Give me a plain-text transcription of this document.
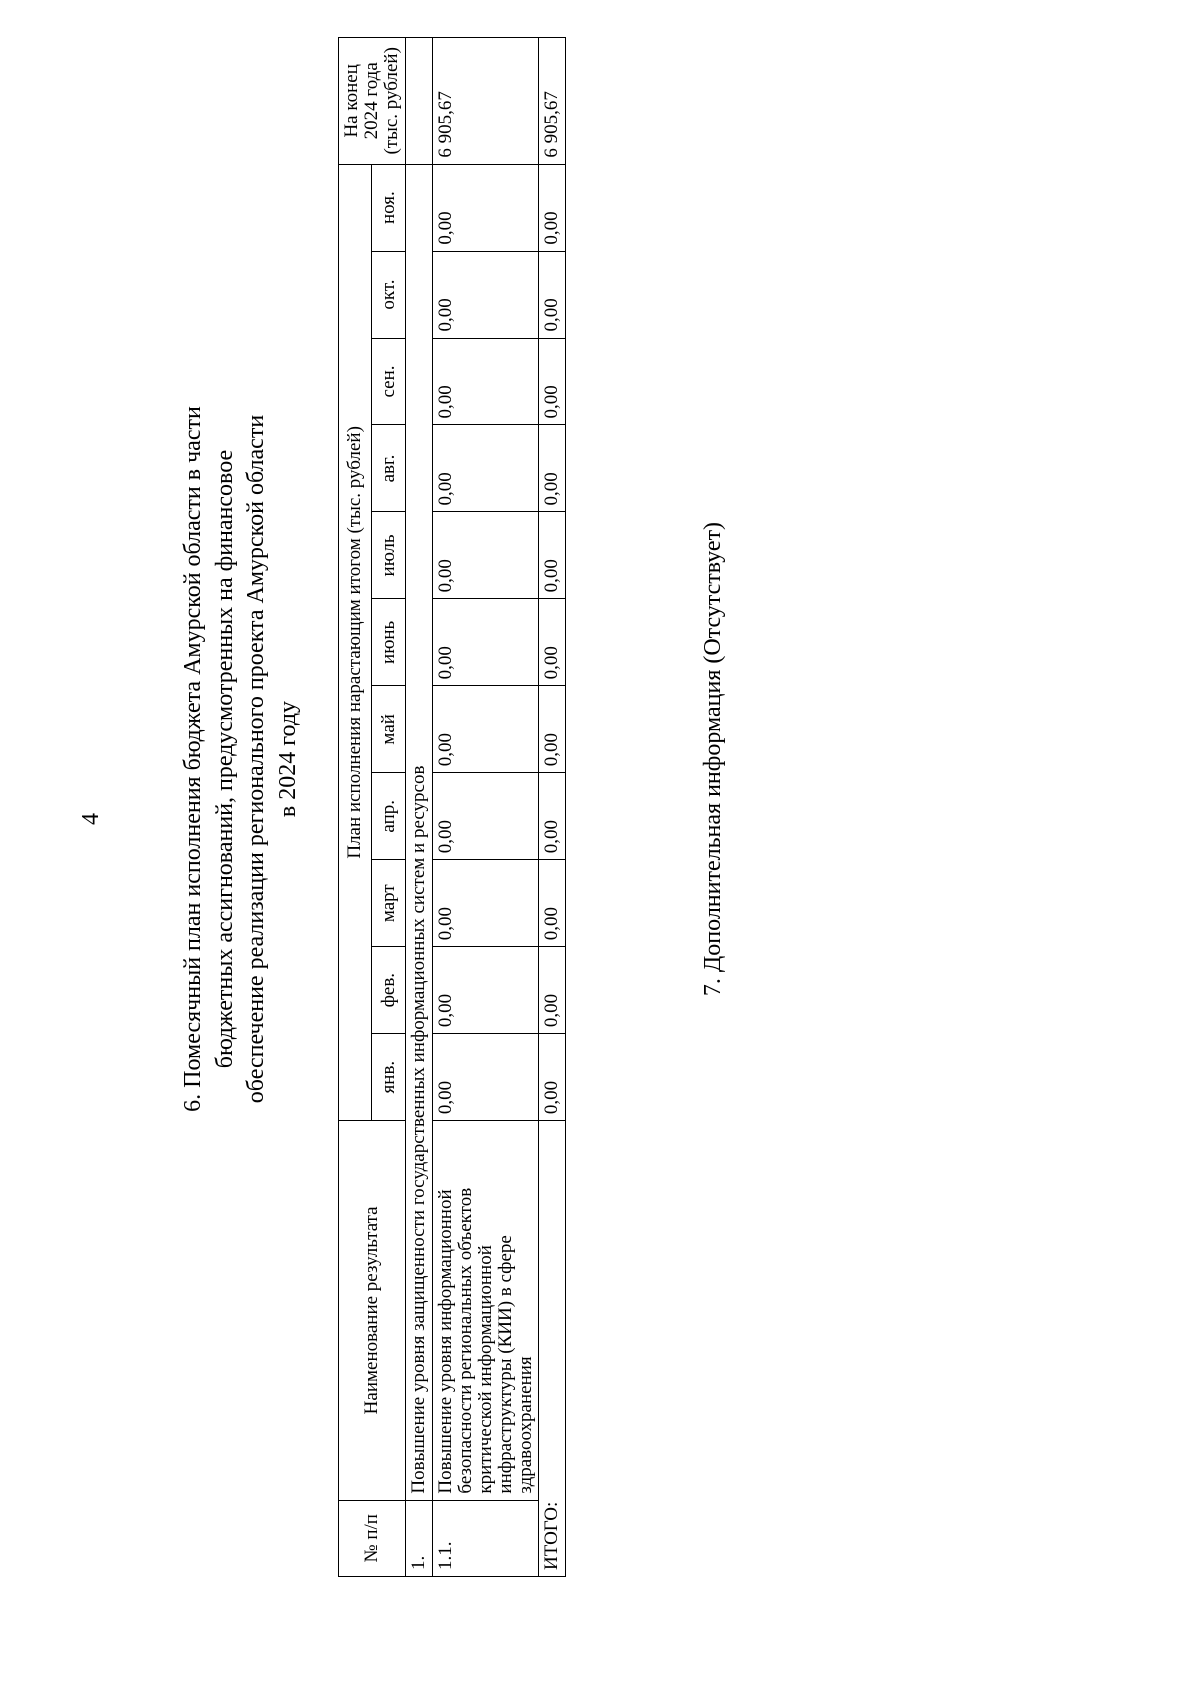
4	6. Помесячный план исполнения бюджета Амурской области в части бюджетных ассигнований, предусмотренных на финансовое обеспечение реализации регионального проекта Амурской области в 2024 году
№ п/п	Наименование результата	План исполнения нарастающим итогом (тыс. рублей)											На конец 2024 года (тыс. рублей)
		янв.	фев.	март	апр.	май	июнь	июль	авг.	сен.	окт.	ноя.	
1.	Повышение уровня защищенности государственных информационных систем и ресурсов												
1.1.	Повышение уровня информационной безопасности региональных объектов критической информационной инфраструктуры (КИИ) в сфере здравоохранения	0,00	0,00	0,00	0,00	0,00	0,00	0,00	0,00	0,00	0,00	0,00	6 905,67
ИТОГО:		0,00	0,00	0,00	0,00	0,00	0,00	0,00	0,00	0,00	0,00	0,00	6 905,67
7. Дополнительная информация (Отсутствует)
